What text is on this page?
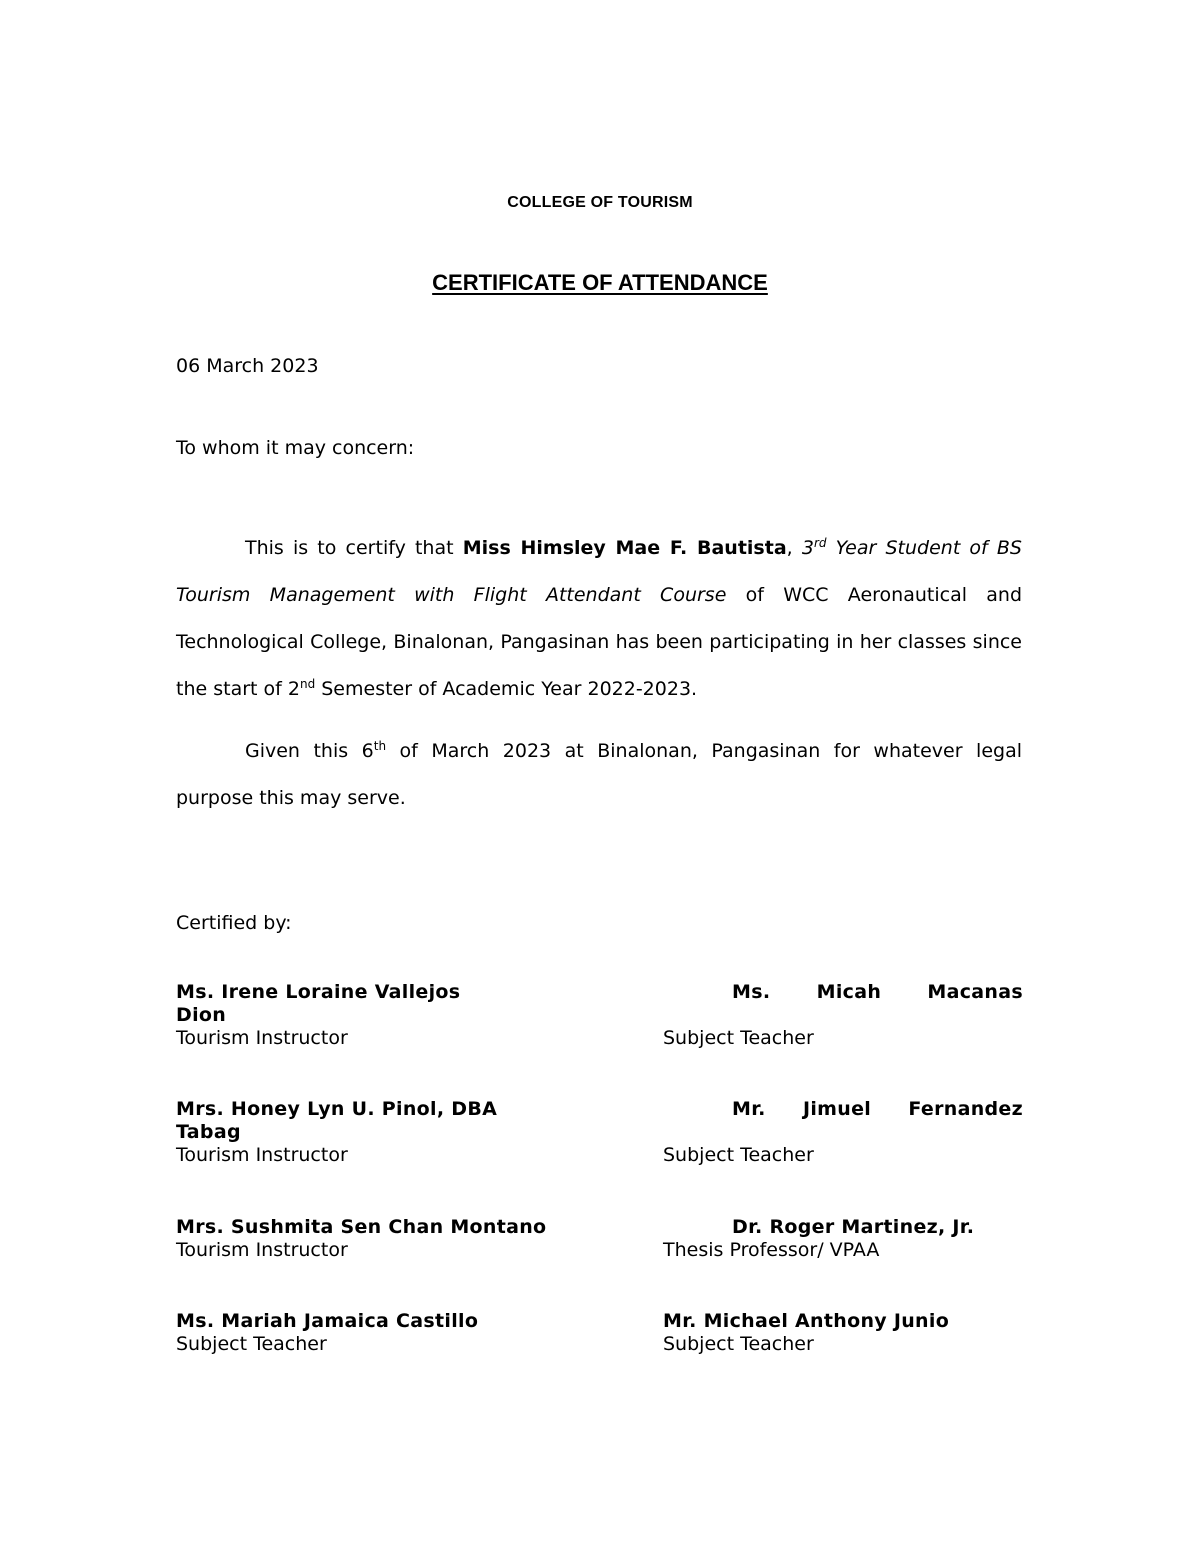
COLLEGE OF TOURISM
CERTIFICATE OF ATTENDANCE
06 March 2023
To whom it may concern:

This is to certify that Miss Himsley Mae F. Bautista, 3rd Year Student of BS Tourism Management with Flight Attendant Course of WCC Aeronautical and Technological College, Binalonan, Pangasinan has been participating in her classes since the start of 2nd Semester of Academic Year 2022-2023.

Given this 6th of March 2023 at Binalonan, Pangasinan for whatever legal purpose this may serve.

Certified by:
Ms. Irene Loraine Vallejos
Dion
Tourism Instructor
Ms. Micah Macanas
Subject Teacher
Mrs. Honey Lyn U. Pinol, DBA
Tabag
Tourism Instructor
Mr. Jimuel Fernandez
Subject Teacher
Mrs. Sushmita Sen Chan Montano
Tourism Instructor
Dr. Roger Martinez, Jr.
Thesis Professor/ VPAA
Ms. Mariah Jamaica Castillo
Subject Teacher
Mr. Michael Anthony Junio
Subject Teacher
